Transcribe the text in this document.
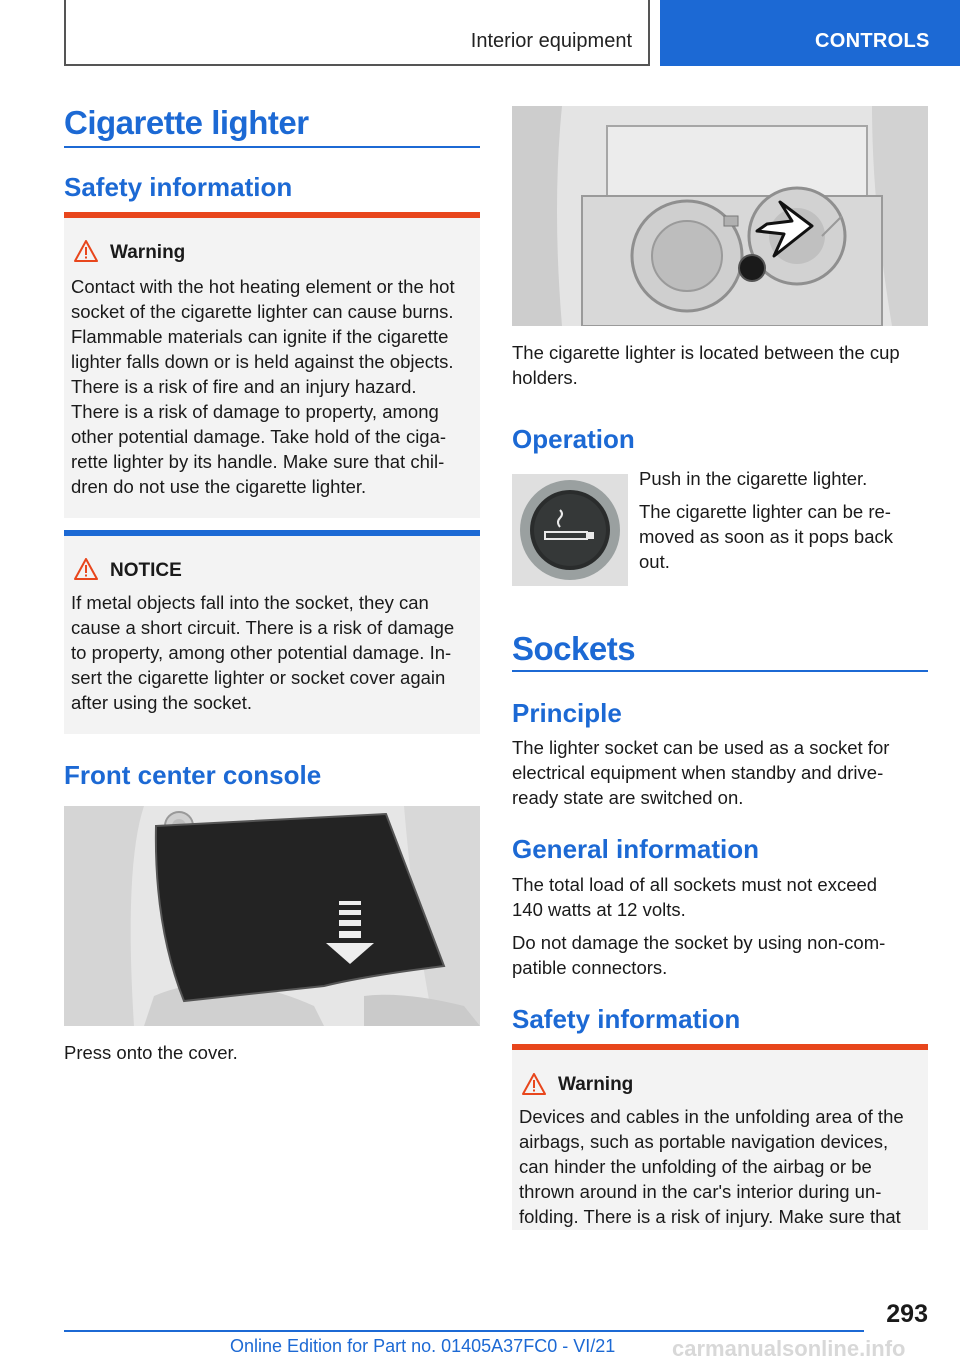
Interior equipment	CONTROLS
Cigarette lighter
Safety information
Warning
Contact with the hot heating element or the hot
socket of the cigarette lighter can cause burns.
Flammable materials can ignite if the cigarette
lighter falls down or is held against the objects.
There is a risk of fire and an injury hazard.
There is a risk of damage to property, among
other potential damage. Take hold of the ciga-
rette lighter by its handle. Make sure that chil-
dren do not use the cigarette lighter.
NOTICE
If metal objects fall into the socket, they can
cause a short circuit. There is a risk of damage
to property, among other potential damage. In-
sert the cigarette lighter or socket cover again
after using the socket.
Front center console
Press onto the cover.
The cigarette lighter is located between the cup
holders.
Operation
Push in the cigarette lighter.
The cigarette lighter can be re-
moved as soon as it pops back
out.
Sockets
Principle
The lighter socket can be used as a socket for
electrical equipment when standby and drive-
ready state are switched on.
General information
The total load of all sockets must not exceed
140 watts at 12 volts.
Do not damage the socket by using non-com-
patible connectors.
Safety information
Warning
Devices and cables in the unfolding area of the
airbags, such as portable navigation devices,
can hinder the unfolding of the airbag or be
thrown around in the car's interior during un-
folding. There is a risk of injury. Make sure that
293
Online Edition for Part no. 01405A37FC0 - VI/21	carmanualsonline.info
